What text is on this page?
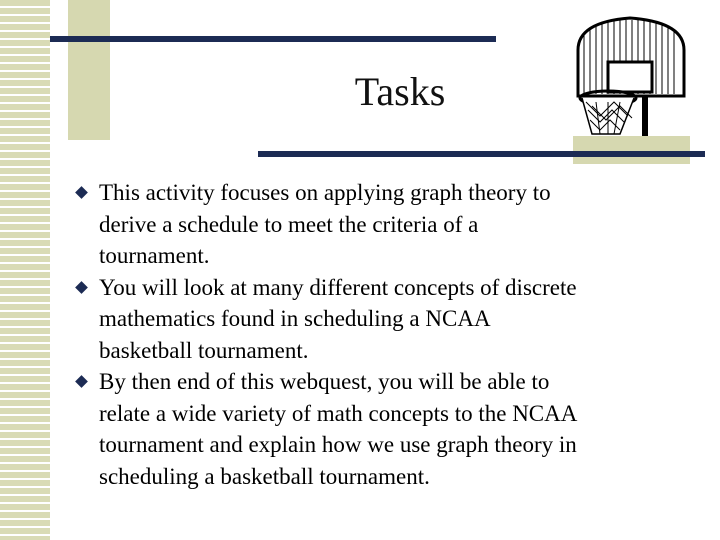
Tasks
This activity focuses on applying graph theory to
derive a schedule to meet the criteria of a
tournament.
You will look at many different concepts of discrete
mathematics found in scheduling a NCAA
basketball tournament.
By then end of this webquest, you will be able to
relate a wide variety of math concepts to the NCAA
tournament and explain how we use graph theory in
scheduling a basketball tournament.
